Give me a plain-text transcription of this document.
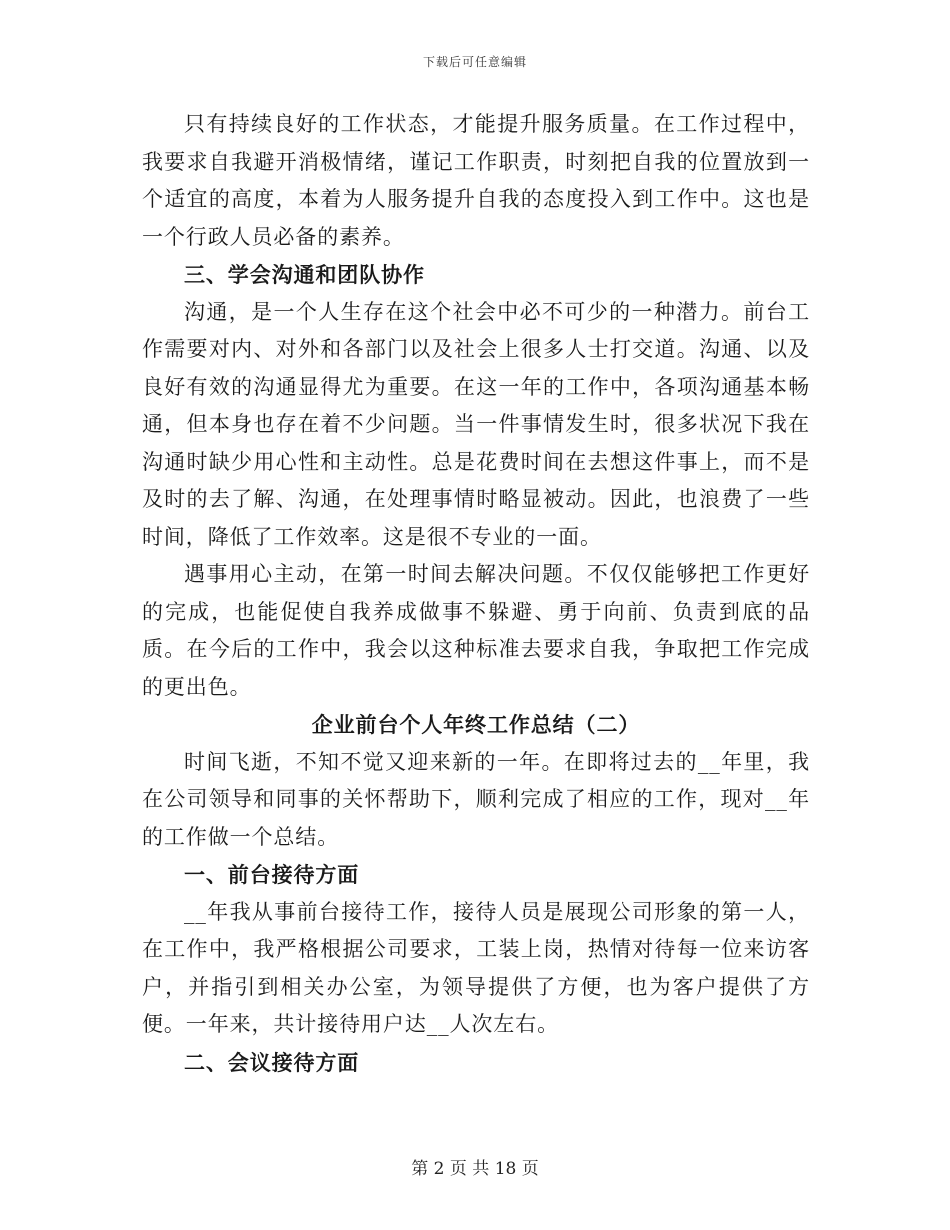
下载后可任意编辑

只有持续良好的工作状态，才能提升服务质量。在工作过程中，我要求自我避开消极情绪，谨记工作职责，时刻把自我的位置放到一个适宜的高度，本着为人服务提升自我的态度投入到工作中。这也是一个行政人员必备的素养。

三、学会沟通和团队协作

沟通，是一个人生存在这个社会中必不可少的一种潜力。前台工作需要对内、对外和各部门以及社会上很多人士打交道。沟通、以及良好有效的沟通显得尤为重要。在这一年的工作中，各项沟通基本畅通，但本身也存在着不少问题。当一件事情发生时，很多状况下我在沟通时缺少用心性和主动性。总是花费时间在去想这件事上，而不是及时的去了解、沟通，在处理事情时略显被动。因此，也浪费了一些时间，降低了工作效率。这是很不专业的一面。

遇事用心主动，在第一时间去解决问题。不仅仅能够把工作更好的完成，也能促使自我养成做事不躲避、勇于向前、负责到底的品质。在今后的工作中，我会以这种标准去要求自我，争取把工作完成的更出色。

企业前台个人年终工作总结（二）

时间飞逝，不知不觉又迎来新的一年。在即将过去的__年里，我在公司领导和同事的关怀帮助下，顺利完成了相应的工作，现对__年的工作做一个总结。

一、前台接待方面

__年我从事前台接待工作，接待人员是展现公司形象的第一人，在工作中，我严格根据公司要求，工装上岗，热情对待每一位来访客户，并指引到相关办公室，为领导提供了方便，也为客户提供了方便。一年来，共计接待用户达__人次左右。

二、会议接待方面

第 2 页 共 18 页
